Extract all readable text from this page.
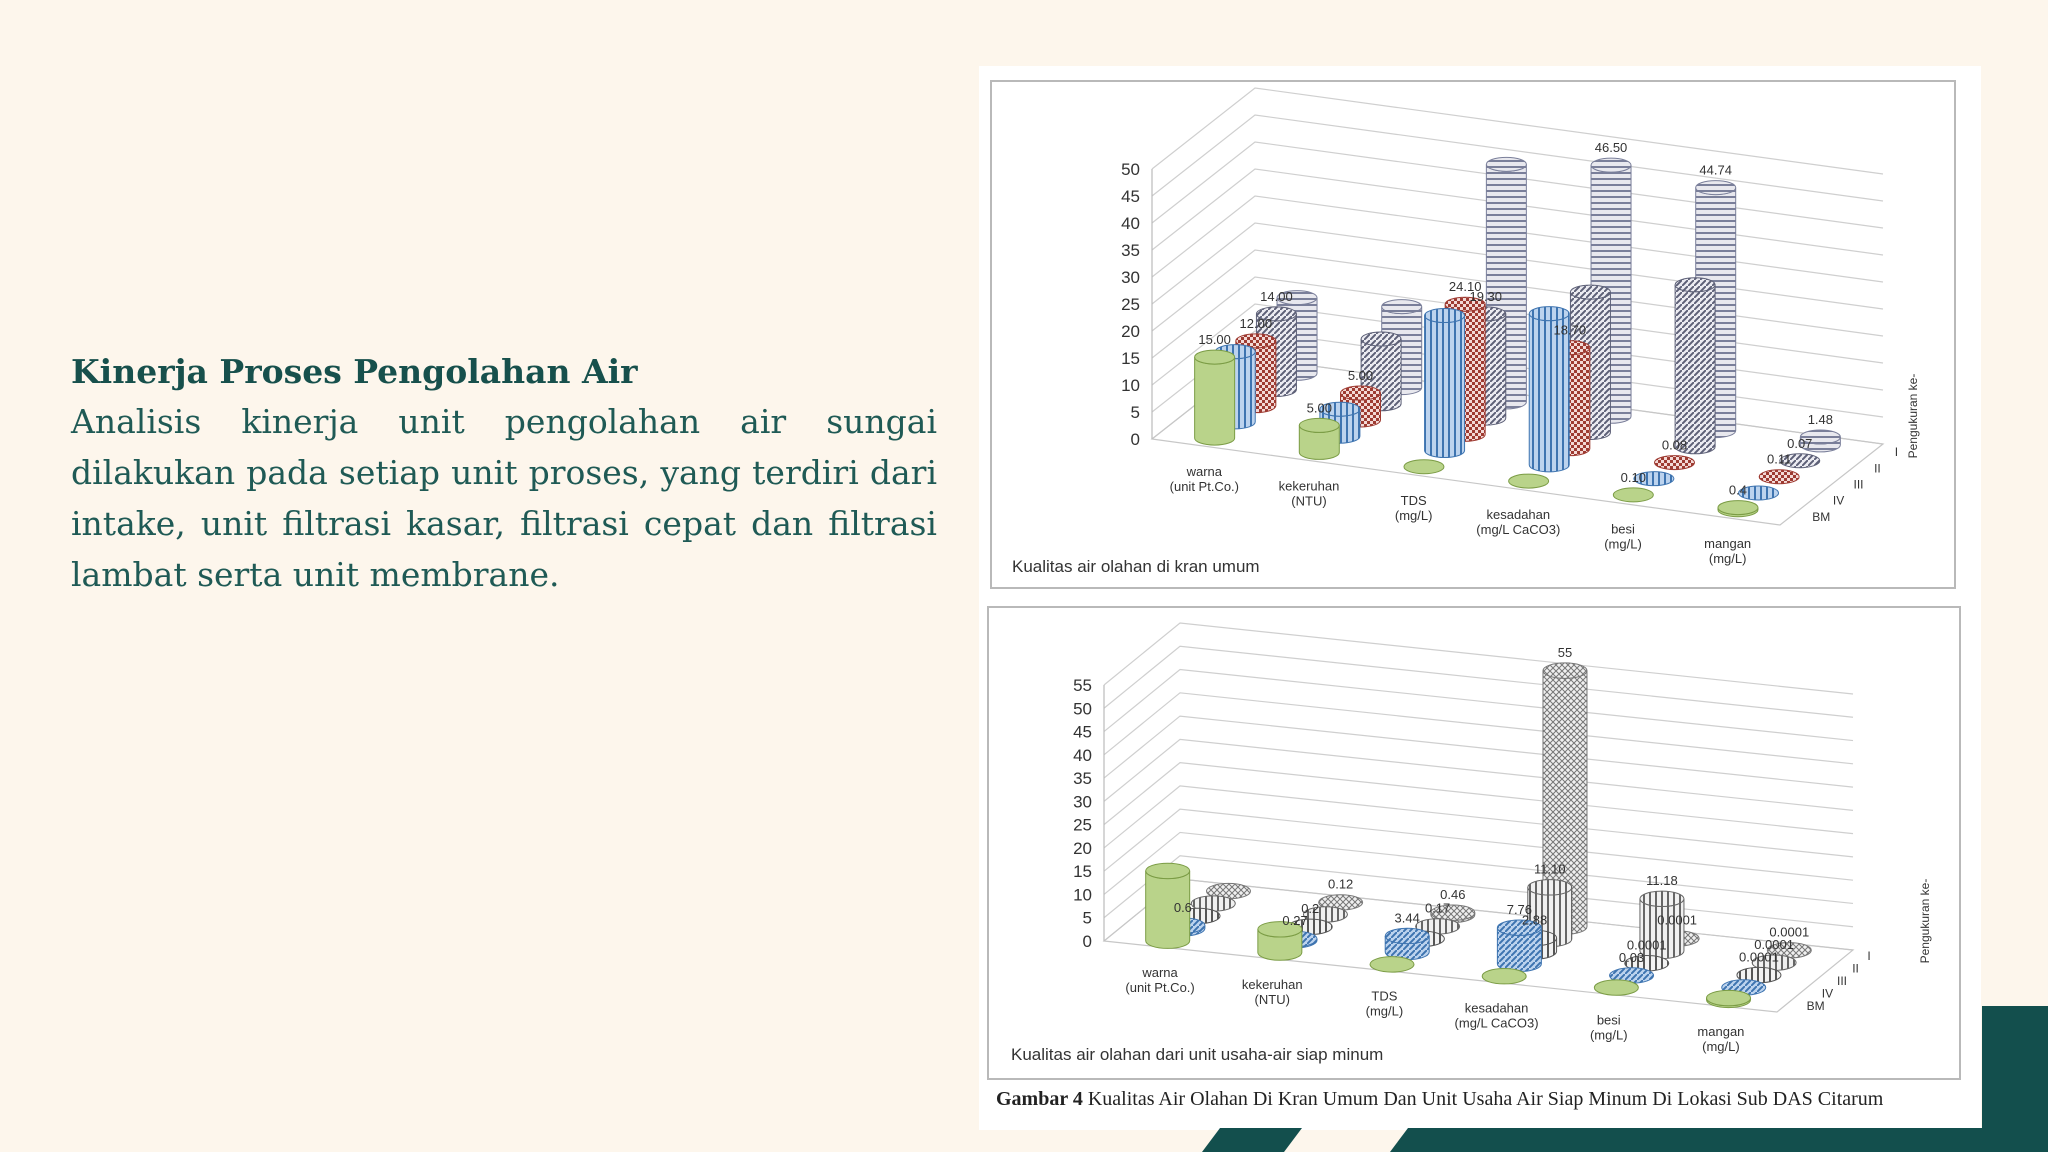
Kinerja Proses Pengolahan Air

Analisis kinerja unit pengolahan air sungai dilakukan pada setiap unit proses, yang terdiri dari intake, unit filtrasi kasar, filtrasi cepat dan filtrasi lambat serta unit membrane.

0
5
10
15
20
25
30
35
40
45
50
46.50
44.74
1.48
14.00	19.30
0.07
12.00
5.00
24.10
18.70
0.08
0.11
15.00
5.00
0.10
0.4
warna (unit Pt.Co.)	kekeruhan (NTU)	TDS (mg/L)	kesadahan (mg/L CaCO3)	besi (mg/L)	mangan (mg/L)
I
II
III
IV
BM
Pengukuran ke-
Kualitas air olahan di kran umum
0
5
10
15
20
25
30
35
40
45
50
55
0.12
0.46
55
0.0001
0.0001
0.17
11.10
11.18
0.0001
0.2
2.88
0.0001
0.0001
0.6
0.27	3.44
7.76
0.03
warna (unit Pt.Co.)	kekeruhan (NTU)	TDS (mg/L)	kesadahan (mg/L CaCO3)	besi (mg/L)	mangan (mg/L)
I
II
III
IV
BM
Pengukuran ke-
Kualitas air olahan dari unit usaha-air siap minum
Gambar 4 Kualitas Air Olahan Di Kran Umum Dan Unit Usaha Air Siap Minum Di Lokasi Sub DAS Citarum
